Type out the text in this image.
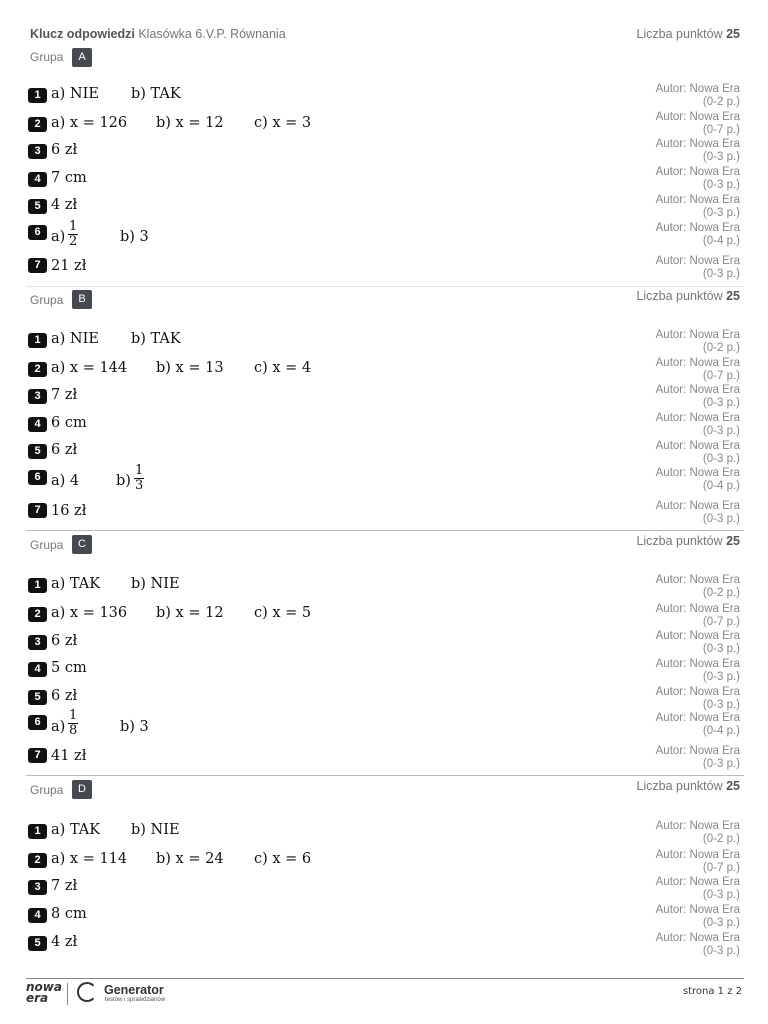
Klucz odpowiedzi Klasówka 6.V.P. Równania	Liczba punktów 25
Grupa	A
1 a) NIE b) TAK	Autor: Nowa Era
(0-2 p.)
2 a) x = 126 b) x = 12 c) x = 3	Autor: Nowa Era
(0-7 p.)
3 6 zł	Autor: Nowa Era
(0-3 p.)
4 7 cm	Autor: Nowa Era
(0-3 p.)
5 4 zł	Autor: Nowa Era
(0-3 p.)
6 $a) \frac{1}{2}$	b) 3
Autor: Nowa Era
(0-4 p.)
7 21 zł	Autor: Nowa Era
(0-3 p.)
Grupa	B	Liczba punktów 25
1 a) NIE b) TAK	Autor: Nowa Era
(0-2 p.)
2 a) x = 144 b) x = 13 c) x = 4	Autor: Nowa Era
(0-7 p.)
3 7 zł	Autor: Nowa Era
(0-3 p.)
4 6 cm	Autor: Nowa Era
(0-3 p.)
5 6 zł	Autor: Nowa Era
(0-3 p.)
6 a) 4	$b) \frac{1}{3}$	Autor: Nowa Era
(0-4 p.)
7 16 zł	Autor: Nowa Era
(0-3 p.)
Grupa	C	Liczba punktów 25
1 a) TAK b) NIE	Autor: Nowa Era
(0-2 p.)
2 a) x = 136 b) x = 12 c) x = 5	Autor: Nowa Era
(0-7 p.)
3 6 zł	Autor: Nowa Era
(0-3 p.)
4 5 cm	Autor: Nowa Era
(0-3 p.)
5 6 zł	Autor: Nowa Era
(0-3 p.)
6 $a) \frac{1}{8}$	b) 3
Autor: Nowa Era
(0-4 p.)
7 41 zł	Autor: Nowa Era
(0-3 p.)
Grupa	D	Liczba punktów 25
1 a) TAK b) NIE	Autor: Nowa Era
(0-2 p.)
2 a) x = 114 b) x = 24 c) x = 6	Autor: Nowa Era
(0-7 p.)
3 7 zł	Autor: Nowa Era
(0-3 p.)
4 8 cm	Autor: Nowa Era
(0-3 p.)
5 4 zł	Autor: Nowa Era
(0-3 p.)
nowa
era
Generator
testów i sprawdzianów
strona 1 z 2
